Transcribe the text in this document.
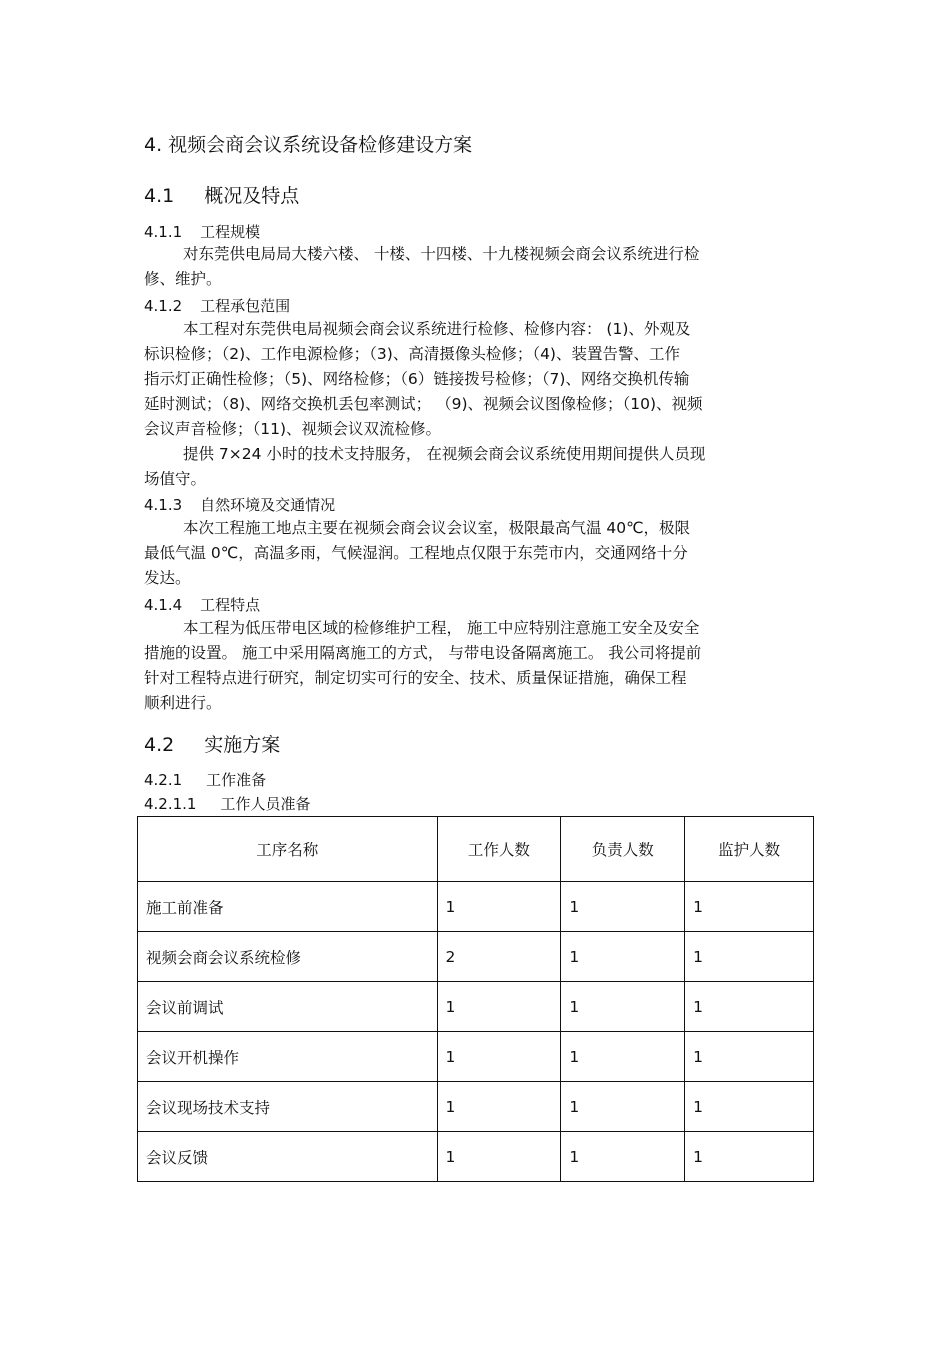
4. 视频会商会议系统设备检修建设方案
4.1 概况及特点
4.1.1 工程规模
对东莞供电局局大楼六楼、 十楼、十四楼、十九楼视频会商会议系统进行检
修、维护。
4.1.2 工程承包范围
本工程对东莞供电局视频会商会议系统进行检修、检修内容： (1)、外观及
标识检修；（2)、工作电源检修；（3)、高清摄像头检修；（4)、装置告警、工作
指示灯正确性检修；（5)、网络检修；（6）链接拨号检修；（7)、网络交换机传输
延时测试；（8)、网络交换机丢包率测试； （9)、视频会议图像检修；（10)、视频
会议声音检修；（11)、视频会议双流检修。
提供 7×24 小时的技术支持服务， 在视频会商会议系统使用期间提供人员现
场值守。
4.1.3 自然环境及交通情况
本次工程施工地点主要在视频会商会议会议室，极限最高气温 40℃，极限
最低气温 0℃，高温多雨，气候湿润。工程地点仅限于东莞市内，交通网络十分
发达。
4.1.4 工程特点
本工程为低压带电区域的检修维护工程， 施工中应特别注意施工安全及安全
措施的设置。 施工中采用隔离施工的方式， 与带电设备隔离施工。 我公司将提前
针对工程特点进行研究，制定切实可行的安全、技术、质量保证措施，确保工程
顺利进行。
4.2 实施方案
4.2.1 工作准备
4.2.1.1 工作人员准备
工序名称	工作人数	负责人数	监护人数
施工前准备	1	1	1
视频会商会议系统检修	2	1	1
会议前调试	1	1	1
会议开机操作	1	1	1
会议现场技术支持	1	1	1
会议反馈	1	1	1
